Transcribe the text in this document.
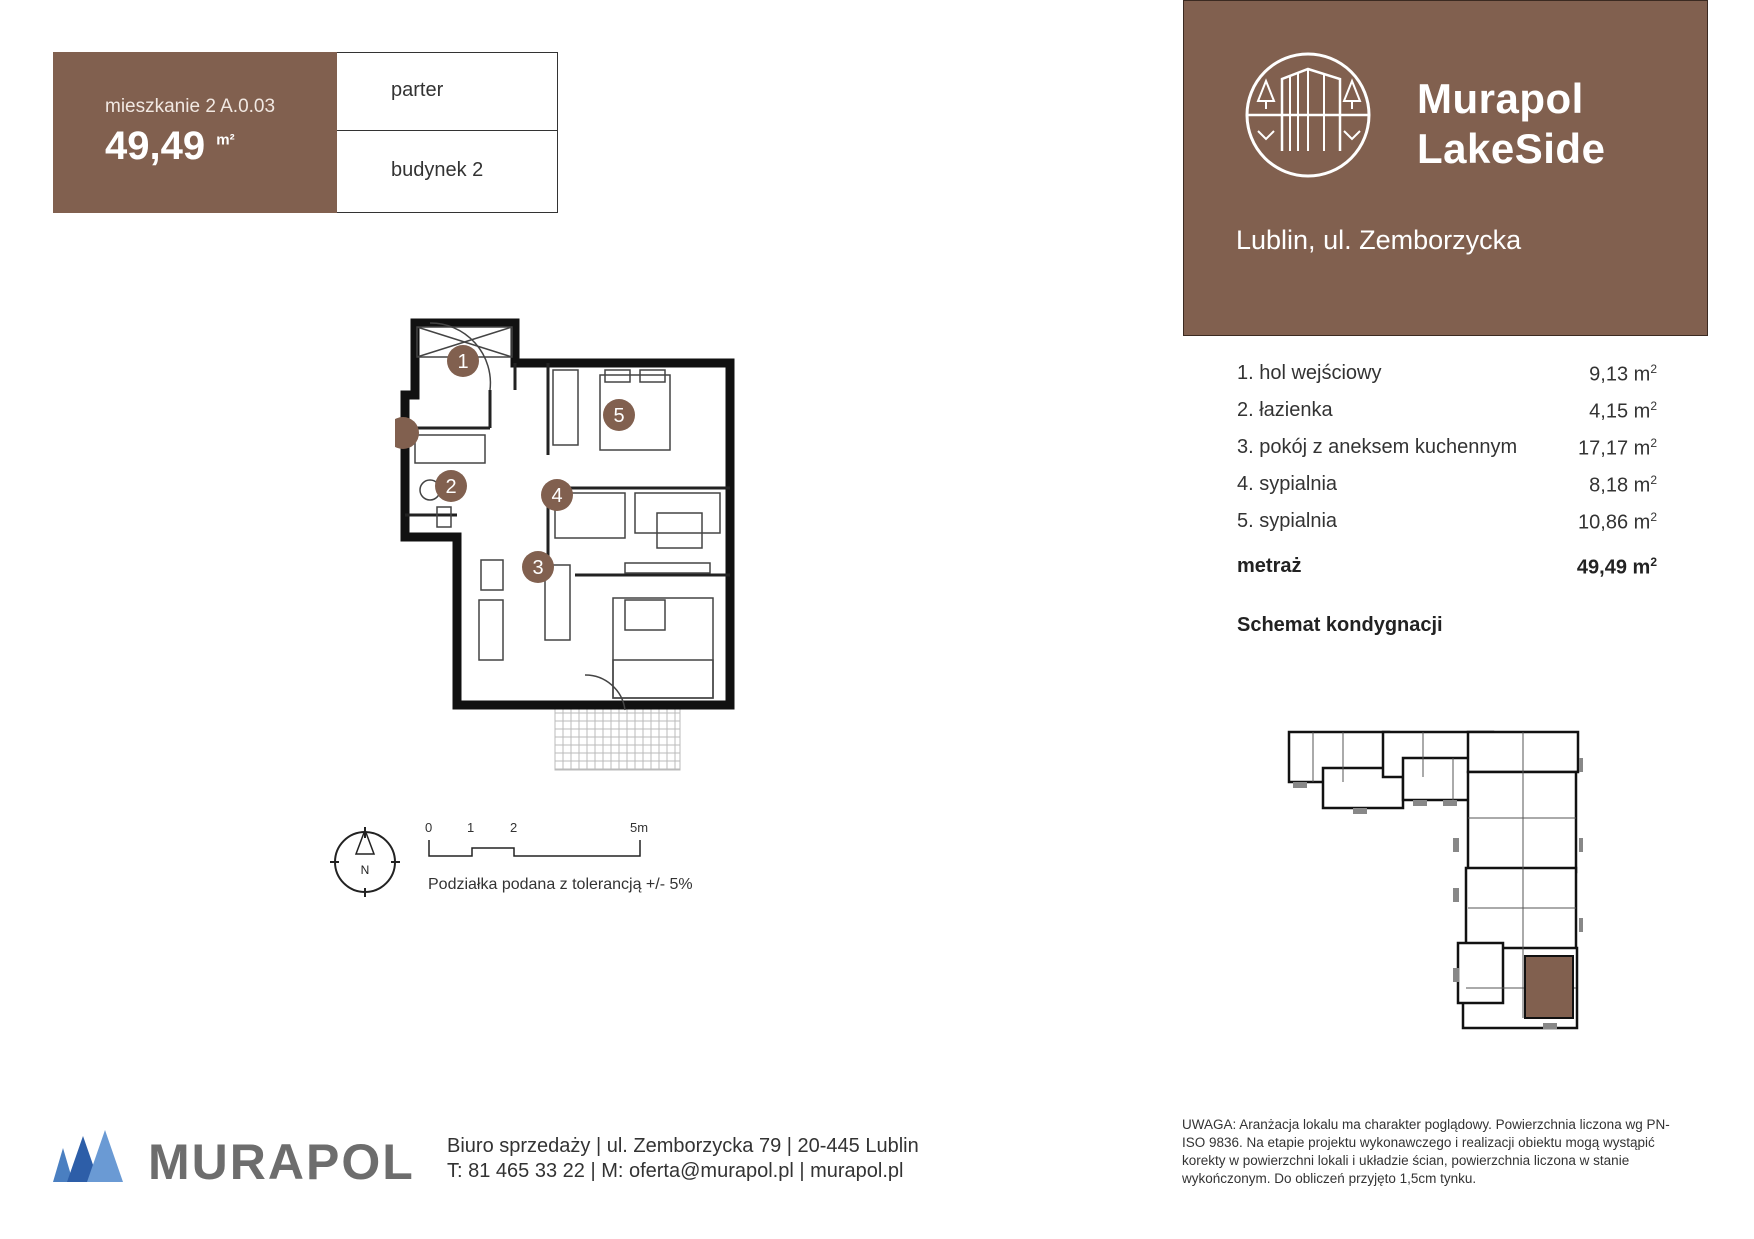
mieszkanie 2 A.0.03
49,49 $^{m^2}$
parter
budynek 2
Murapol
LakeSide
Lublin, ul. Zemborzycka
1. hol wejściowy	9,13 $m^2$
2. łazienka	4,15 $m^2$
3. pokój z aneksem kuchennym	17,17 $m^2$
4. sypialnia	8,18 $m^2$
5. sypialnia	10,86 $m^2$
metraż	49,49 $m^2$
Schemat kondygnacji
1
5
4
3
2
N
0	1	2	5m
Podziałka podana z tolerancją +/- 5%
MURAPOL Biuro sprzedaży | ul. Zemborzycka 79 | 20-445 Lublin
T: 81 465 33 22 | M: oferta@murapol.pl | murapol.pl
UWAGA: Aranżacja lokalu ma charakter poglądowy. Powierzchnia liczona wg PN-ISO 9836. Na etapie projektu wykonawczego i realizacji obiektu mogą wystąpić korekty w powierzchni lokali i układzie ścian, powierzchnia liczona w stanie wykończonym. Do obliczeń przyjęto 1,5cm tynku.
